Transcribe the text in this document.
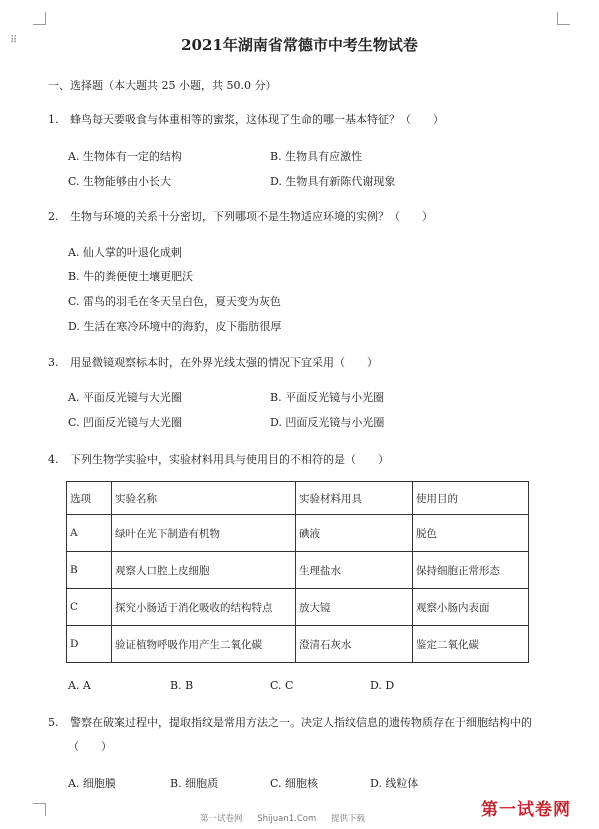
⠿	2021年湖南省常德市中考生物试卷
一、选择题（本大题共 25 小题，共 50.0 分）
1. 蜂鸟每天要吸食与体重相等的蜜浆，这体现了生命的哪一基本特征？（　　）
A. 生物体有一定的结构	B. 生物具有应激性
C. 生物能够由小长大	D. 生物具有新陈代谢现象
2. 生物与环境的关系十分密切，下列哪项不是生物适应环境的实例？（　　）
A. 仙人掌的叶退化成刺
B. 牛的粪便使土壤更肥沃
C. 雷鸟的羽毛在冬天呈白色，夏天变为灰色
D. 生活在寒冷环境中的海豹，皮下脂肪很厚
3. 用显微镜观察标本时，在外界光线太强的情况下宜采用（　　）
A. 平面反光镜与大光圈	B. 平面反光镜与小光圈
C. 凹面反光镜与大光圈	D. 凹面反光镜与小光圈
4. 下列生物学实验中，实验材料用具与使用目的不相符的是（　　）
选项	实验名称	实验材料用具	使用目的
A	绿叶在光下制造有机物	碘液	脱色
B	观察人口腔上皮细胞	生理盐水	保持细胞正常形态
C	探究小肠适于消化吸收的结构特点	放大镜	观察小肠内表面
D	验证植物呼吸作用产生二氧化碳	澄清石灰水	鉴定二氧化碳
A. A	B. B	C. C	D. D
5. 警察在破案过程中，提取指纹是常用方法之一。决定人指纹信息的遗传物质存在于细胞结构中的
（　　）
A. 细胞膜	B. 细胞质	C. 细胞核	D. 线粒体
第一试卷网 Shijuan1.Com 提供下载	第一试卷网
